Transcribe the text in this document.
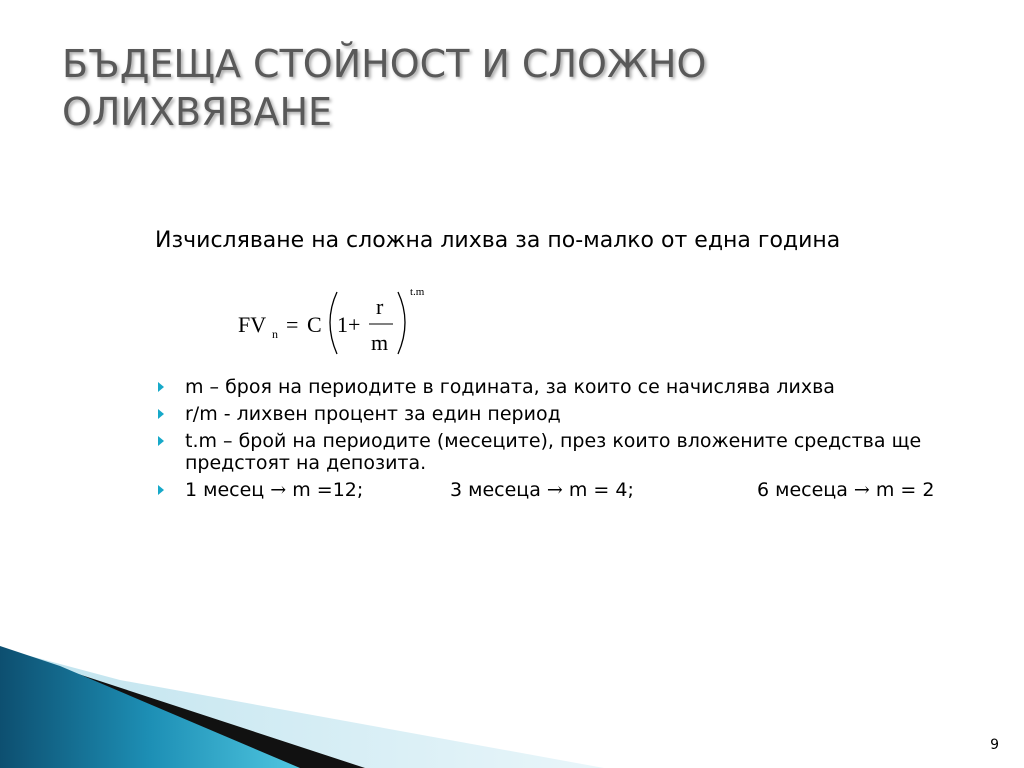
БЪДЕЩА СТОЙНОСТ И СЛОЖНО
ОЛИХВЯВАНЕ
Изчисляване на сложна лихва за по-малко от една година
FV n = C 1+
r
m
t.m
m – броя на периодите в годината, за които се начислява лихва
r/m - лихвен процент за един период
t.m – брой на периодите (месеците), през които вложените средства ще предстоят на депозита.
1 месец → m =12;	3 месеца → m = 4;	6 месеца → m = 2
9
